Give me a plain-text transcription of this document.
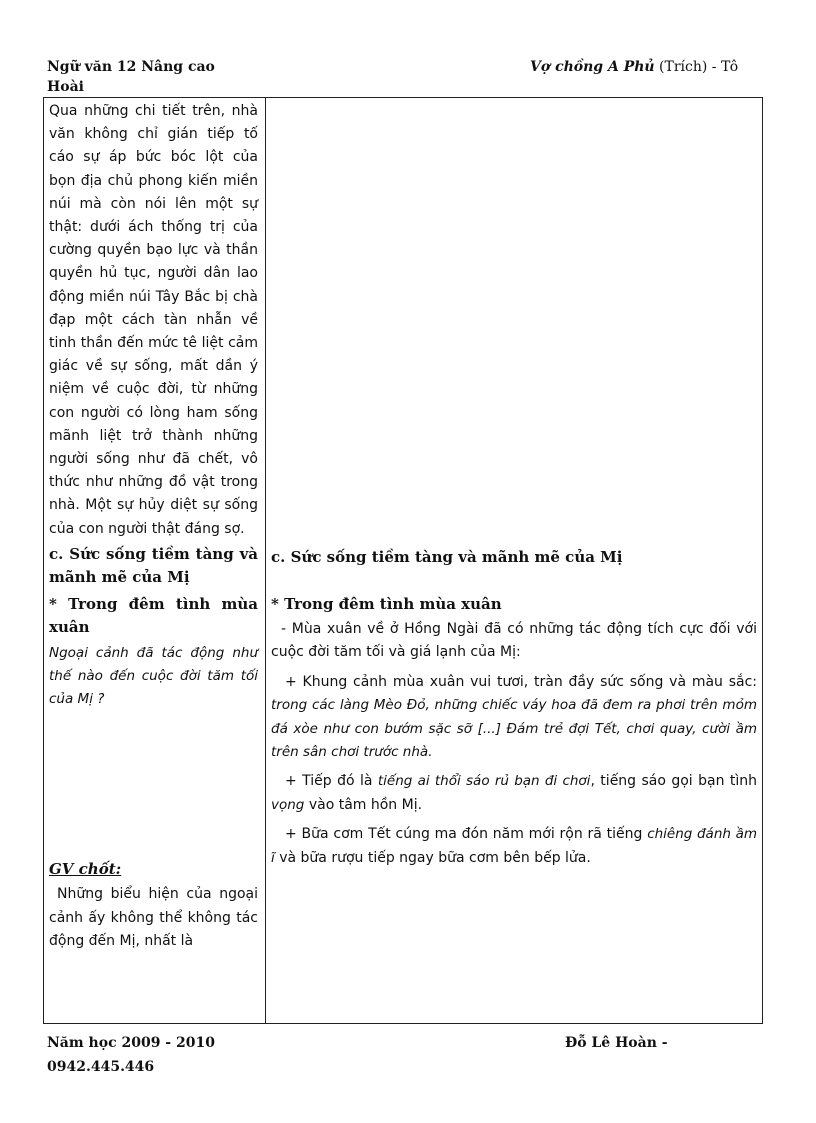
Ngữ văn 12 Nâng cao
Hoài
Vợ chồng A Phủ (Trích) - Tô

Qua những chi tiết trên, nhà văn không chỉ gián tiếp tố cáo sự áp bức bóc lột của bọn địa chủ phong kiến miền núi mà còn nói lên một sự thật: dưới ách thống trị của cường quyền bạo lực và thần quyền hủ tục, người dân lao động miền núi Tây Bắc bị chà đạp một cách tàn nhẫn về tinh thần đến mức tê liệt cảm giác về sự sống, mất dần ý niệm về cuộc đời, từ những con người có lòng ham sống mãnh liệt trở thành những người sống như đã chết, vô thức như những đồ vật trong nhà. Một sự hủy diệt sự sống của con người thật đáng sợ.

c. Sức sống tiềm tàng và mãnh mẽ của Mị

* Trong đêm tình mùa xuân

Ngoại cảnh đã tác động như thế nào đến cuộc đời tăm tối của Mị ?

GV chốt:

Những biểu hiện của ngoại cảnh ấy không thể không tác động đến Mị, nhất là

c. Sức sống tiềm tàng và mãnh mẽ của Mị

* Trong đêm tình mùa xuân

- Mùa xuân về ở Hồng Ngài đã có những tác động tích cực đối với cuộc đời tăm tối và giá lạnh của Mị:

+ Khung cảnh mùa xuân vui tươi, tràn đầy sức sống và màu sắc: trong các làng Mèo Đỏ, những chiếc váy hoa đã đem ra phơi trên mỏm đá xòe như con bướm sặc sỡ [...] Đám trẻ đợi Tết, chơi quay, cười ầm trên sân chơi trước nhà.

+ Tiếp đó là tiếng ai thổi sáo rủ bạn đi chơi, tiếng sáo gọi bạn tình vọng vào tâm hồn Mị.

+ Bữa cơm Tết cúng ma đón năm mới rộn rã tiếng chiêng đánh ầm ĩ và bữa rượu tiếp ngay bữa cơm bên bếp lửa.

Năm học 2009 - 2010
0942.445.446
Đỗ Lê Hoàn -
